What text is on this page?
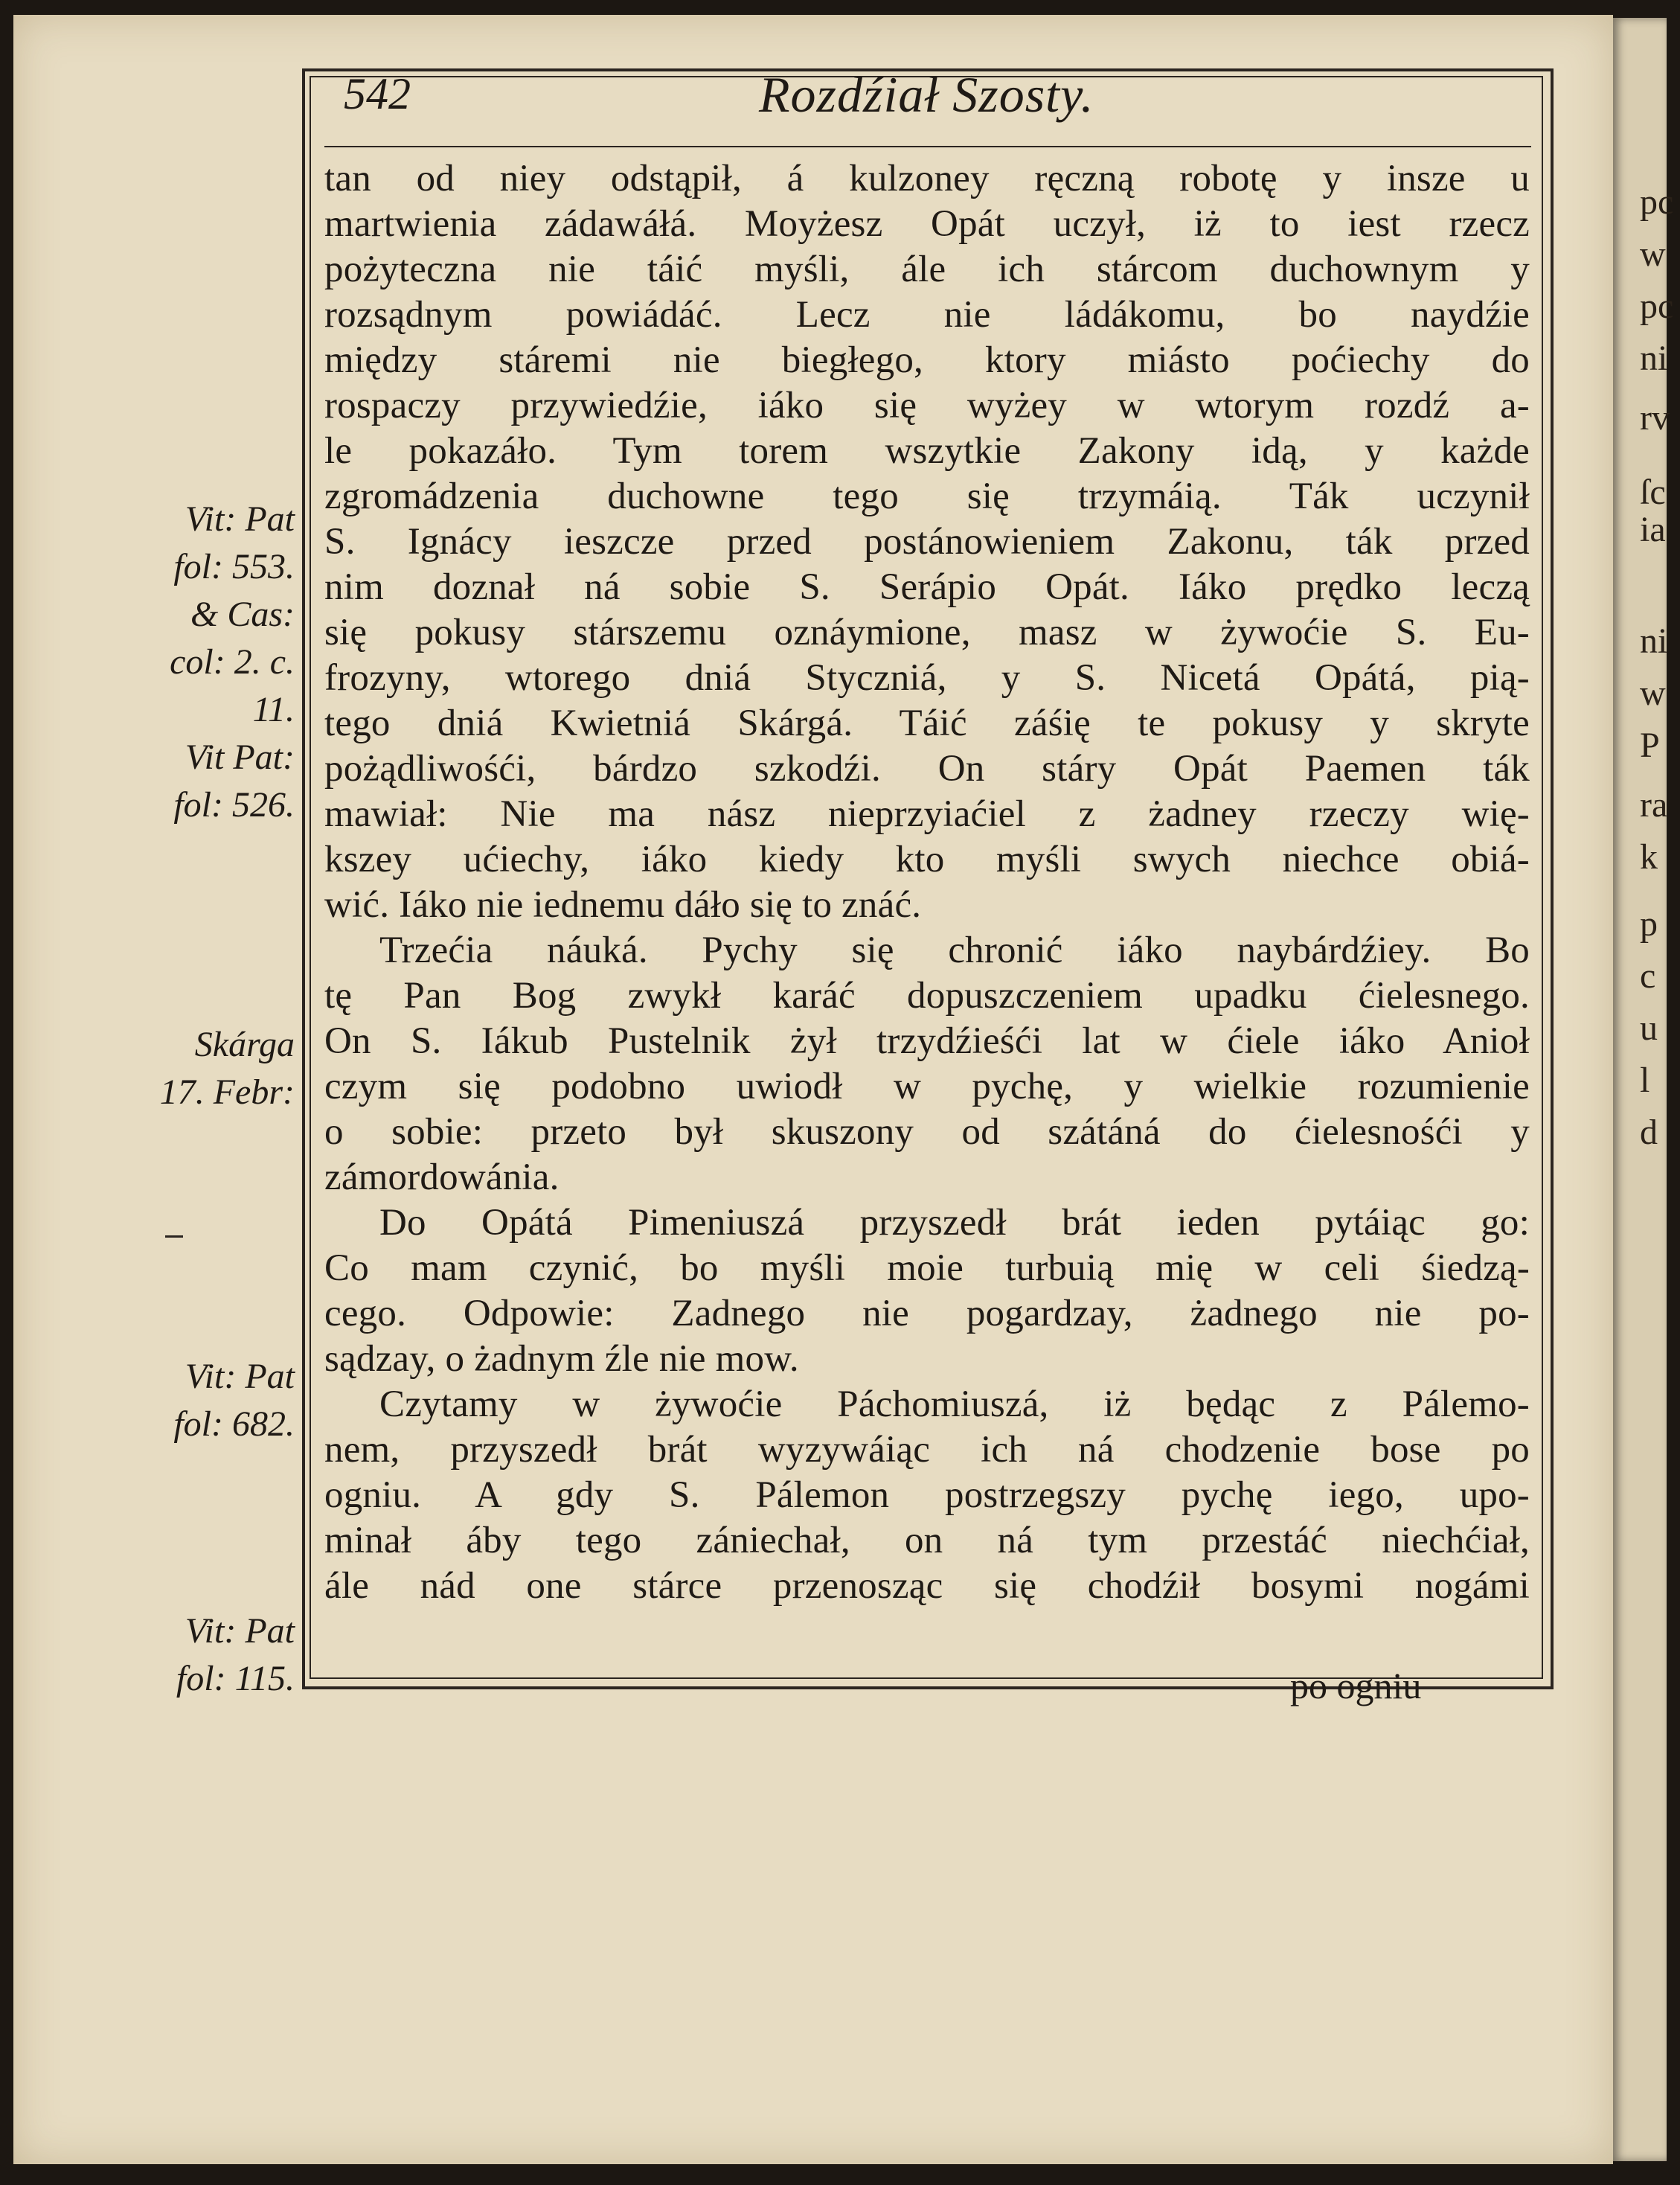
pc
w
pc
ni
rv
ſc
ia
ni
w
P
ra
k
p
c
u
l
d
542	Rozdźiał Szosty.
tan od niey odstąpił, á kulzoney ręczną robotę y insze u
martwienia zádawáłá. Moyżesz Opát uczył, iż to iest rzecz
pożyteczna nie táić myśli, ále ich stárcom duchownym y
rozsądnym powiádáć. Lecz nie ládákomu, bo naydźie
między stáremi nie biegłego, ktory miásto poćiechy do
rospaczy przywiedźie, iáko się wyżey w wtorym rozdź a-
le pokazáło. Tym torem wszytkie Zakony idą, y każde
zgromádzenia duchowne tego się trzymáią. Ták uczynił
S. Ignácy ieszcze przed postánowieniem Zakonu, ták przed
nim doznał ná sobie S. Serápio Opát. Iáko prędko leczą
się pokusy stárszemu oznáymione, masz w żywoćie S. Eu-
frozyny, wtorego dniá Styczniá, y S. Nicetá Opátá, pią-
tego dniá Kwietniá Skárgá. Táić záśię te pokusy y skryte
pożądliwośći, bárdzo szkodźi. On stáry Opát Paemen ták
mawiał: Nie ma nász nieprzyiaćiel z żadney rzeczy wię-
kszey ućiechy, iáko kiedy kto myśli swych niechce obiá-
wić. Iáko nie iednemu dáło się to znáć.
Trzećia náuká. Pychy się chronić iáko naybárdźiey. Bo
tę Pan Bog zwykł karáć dopuszczeniem upadku ćielesnego.
On S. Iákub Pustelnik żył trzydźieśći lat w ćiele iáko Anioł
czym się podobno uwiodł w pychę, y wielkie rozumienie
o sobie: przeto był skuszony od szátáná do ćielesnośći y
zámordowánia.
Do Opátá Pimeniuszá przyszedł brát ieden pytáiąc go:
Co mam czynić, bo myśli moie turbuią mię w celi śiedzą-
cego. Odpowie: Zadnego nie pogardzay, żadnego nie po-
sądzay, o żadnym źle nie mow.
Czytamy w żywoćie Páchomiuszá, iż będąc z Pálemo-
nem, przyszedł brát wyzywáiąc ich ná chodzenie bose po
ogniu. A gdy S. Pálemon postrzegszy pychę iego, upo-
minał áby tego zániechał, on ná tym przestáć niechćiał,
ále nád one stárce przenosząc się chodźił bosymi nogámi
po ogniu
Vit: Pat
fol: 553.
& Cas:
col: 2. c.
11.
Vit Pat:
fol: 526.
Skárga
17. Febr:
Vit: Pat
fol: 682.
Vit: Pat
fol: 115.
